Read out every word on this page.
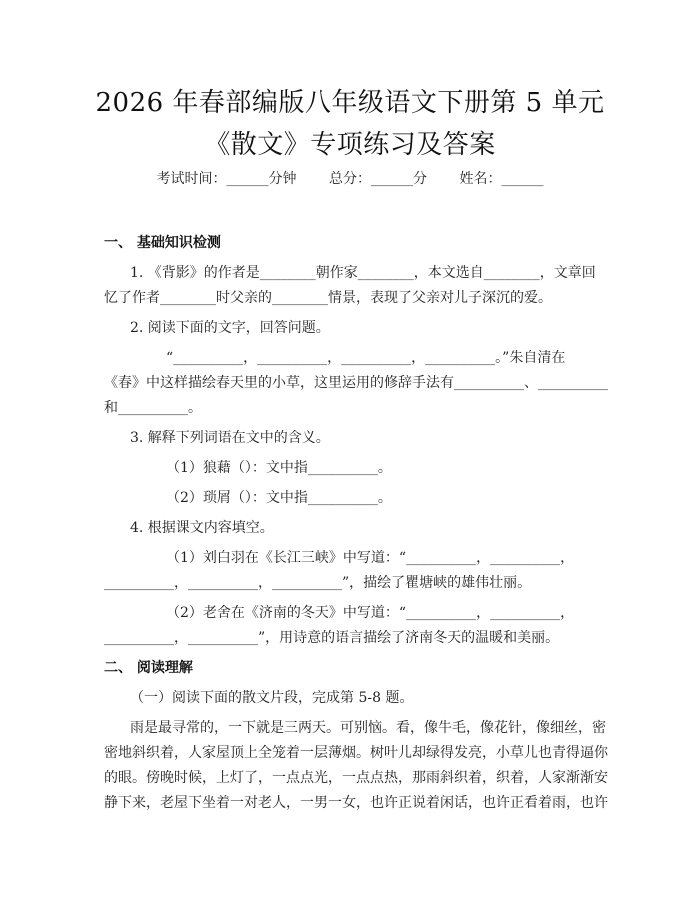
2026 年春部编版八年级语文下册第 5 单元
《散文》专项练习及答案
考试时间：______分钟 总分：______分 姓名：______
一、 基础知识检测
1. 《背影》的作者是________朝作家________，本文选自________，文章回
忆了作者________时父亲的________情景，表现了父亲对儿子深沉的爱。
2. 阅读下面的文字，回答问题。
“__________，__________，__________，__________。”朱自清在
《春》中这样描绘春天里的小草，这里运用的修辞手法有__________、__________
和__________。
3. 解释下列词语在文中的含义。
（1）狼藉（）：文中指__________。
（2）琐屑（）：文中指__________。
4. 根据课文内容填空。
（1）刘白羽在《长江三峡》中写道：“__________，__________，
__________，__________，__________”，描绘了瞿塘峡的雄伟壮丽。
（2）老舍在《济南的冬天》中写道：“__________，__________，
__________，__________”，用诗意的语言描绘了济南冬天的温暖和美丽。
二、 阅读理解
（一）阅读下面的散文片段，完成第 5-8 题。
雨是最寻常的，一下就是三两天。可别恼。看，像牛毛，像花针，像细丝，密
密地斜织着，人家屋顶上全笼着一层薄烟。树叶儿却绿得发亮，小草儿也青得逼你
的眼。傍晚时候，上灯了，一点点光，一点点热，那雨斜织着，织着，人家渐渐安
静下来，老屋下坐着一对老人，一男一女，也许正说着闲话，也许正看着雨，也许
